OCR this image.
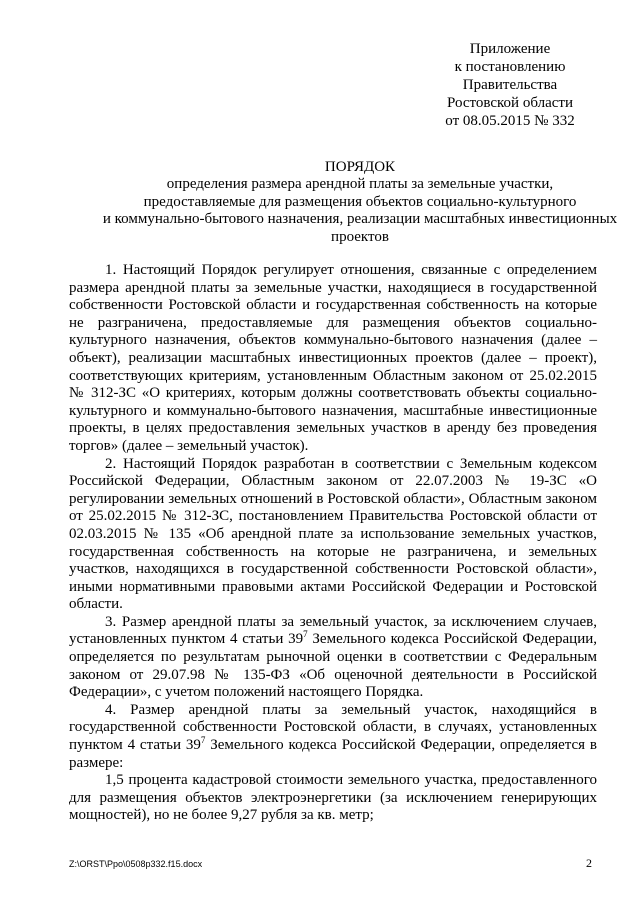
Приложение
к постановлению
Правительства
Ростовской области
от 08.05.2015 № 332
ПОРЯДОК
определения размера арендной платы за земельные участки,
предоставляемые для размещения объектов социально-культурного
и коммунально-бытового назначения, реализации масштабных инвестиционных
проектов

1. Настоящий Порядок регулирует отношения, связанные с определением размера арендной платы за земельные участки, находящиеся в государственной собственности Ростовской области и государственная собственность на которые не разграничена, предоставляемые для размещения объектов социально-культурного назначения, объектов коммунально-бытового назначения (далее – объект), реализации масштабных инвестиционных проектов (далее – проект), соответствующих критериям, установленным Областным законом от 25.02.2015 № 312-ЗС «О критериях, которым должны соответствовать объекты социально-культурного и коммунально-бытового назначения, масштабные инвестиционные проекты, в целях предоставления земельных участков в аренду без проведения торгов» (далее – земельный участок).

2. Настоящий Порядок разработан в соответствии с Земельным кодексом Российской Федерации, Областным законом от 22.07.2003 № 19-ЗС «О регулировании земельных отношений в Ростовской области», Областным законом от 25.02.2015 № 312-ЗС, постановлением Правительства Ростовской области от 02.03.2015 № 135 «Об арендной плате за использование земельных участков, государственная собственность на которые не разграничена, и земельных участков, находящихся в государственной собственности Ростовской области», иными нормативными правовыми актами Российской Федерации и Ростовской области.

3. Размер арендной платы за земельный участок, за исключением случаев, установленных пунктом 4 статьи $39^7$ Земельного кодекса Российской Федерации, определяется по результатам рыночной оценки в соответствии с Федеральным законом от 29.07.98 № 135-ФЗ «Об оценочной деятельности в Российской Федерации», с учетом положений настоящего Порядка.

4. Размер арендной платы за земельный участок, находящийся в государственной собственности Ростовской области, в случаях, установленных пунктом 4 статьи $39^7$ Земельного кодекса Российской Федерации, определяется в размере:

1,5 процента кадастровой стоимости земельного участка, предоставленного для размещения объектов электроэнергетики (за исключением генерирующих мощностей), но не более 9,27 рубля за кв. метр;

Z:\ORST\Ppo\0508p332.f15.docx	2
